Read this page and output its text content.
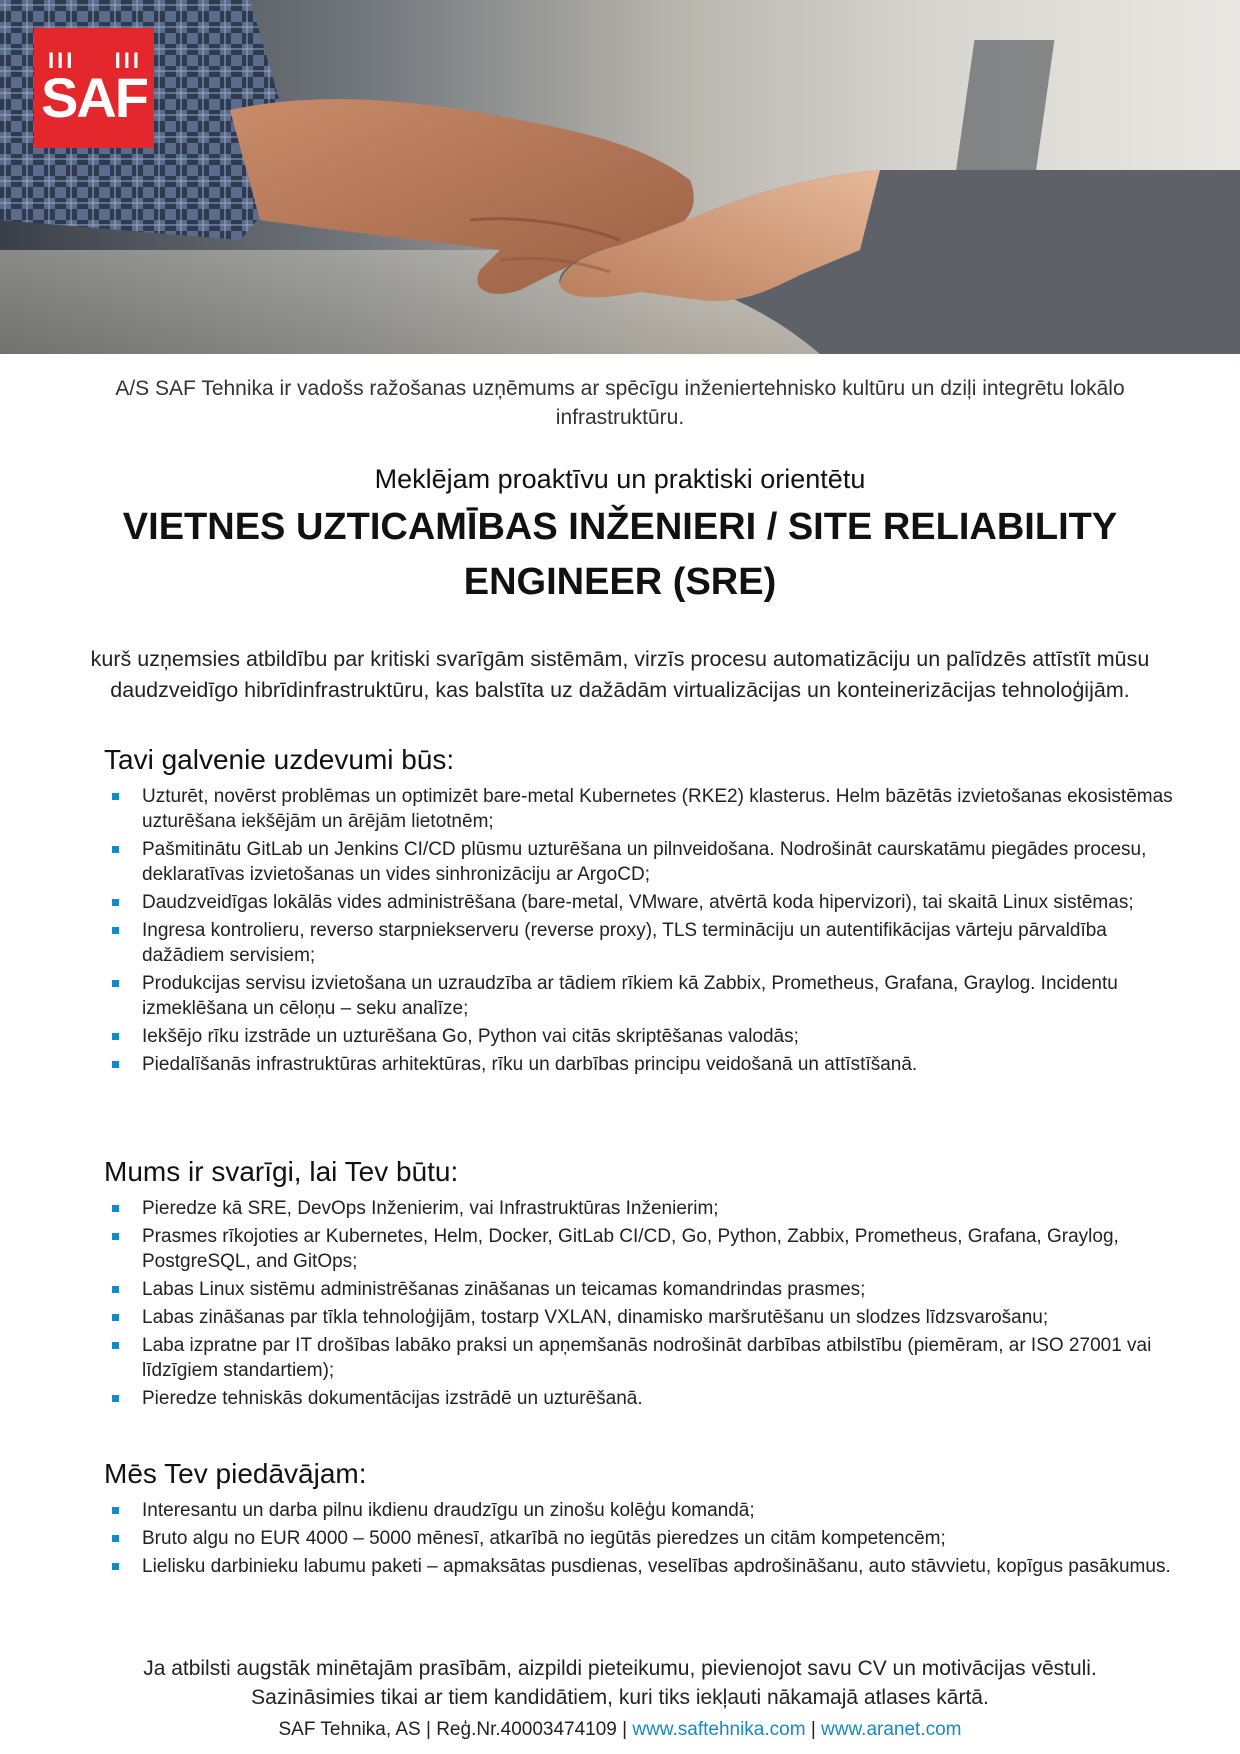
III III
SAF

A/S SAF Tehnika ir vadošs ražošanas uzņēmums ar spēcīgu inženiertehnisko kultūru un dziļi integrētu lokālo infrastruktūru.

Meklējam proaktīvu un praktiski orientētu

VIETNES UZTICAMĪBAS INŽENIERI / SITE RELIABILITY ENGINEER (SRE)

kurš uzņemsies atbildību par kritiski svarīgām sistēmām, virzīs procesu automatizāciju un palīdzēs attīstīt mūsu daudzveidīgo hibrīdinfrastruktūru, kas balstīta uz dažādām virtualizācijas un konteinerizācijas tehnoloģijām.

Tavi galvenie uzdevumi būs:
Uzturēt, novērst problēmas un optimizēt bare-metal Kubernetes (RKE2) klasterus. Helm bāzētās izvietošanas ekosistēmas uzturēšana iekšējām un ārējām lietotnēm;
Pašmitinātu GitLab un Jenkins CI/CD plūsmu uzturēšana un pilnveidošana. Nodrošināt caurskatāmu piegādes procesu, deklaratīvas izvietošanas un vides sinhronizāciju ar ArgoCD;
Daudzveidīgas lokālās vides administrēšana (bare-metal, VMware, atvērtā koda hipervizori), tai skaitā Linux sistēmas;
Ingresa kontrolieru, reverso starpniekserveru (reverse proxy), TLS termināciju un autentifikācijas vārteju pārvaldība dažādiem servisiem;
Produkcijas servisu izvietošana un uzraudzība ar tādiem rīkiem kā Zabbix, Prometheus, Grafana, Graylog. Incidentu izmeklēšana un cēloņu – seku analīze;
Iekšējo rīku izstrāde un uzturēšana Go, Python vai citās skriptēšanas valodās;
Piedalīšanās infrastruktūras arhitektūras, rīku un darbības principu veidošanā un attīstīšanā.
Mums ir svarīgi, lai Tev būtu:
Pieredze kā SRE, DevOps Inženierim, vai Infrastruktūras Inženierim;
Prasmes rīkojoties ar Kubernetes, Helm, Docker, GitLab CI/CD, Go, Python, Zabbix, Prometheus, Grafana, Graylog, PostgreSQL, and GitOps;
Labas Linux sistēmu administrēšanas zināšanas un teicamas komandrindas prasmes;
Labas zināšanas par tīkla tehnoloģijām, tostarp VXLAN, dinamisko maršrutēšanu un slodzes līdzsvarošanu;
Laba izpratne par IT drošības labāko praksi un apņemšanās nodrošināt darbības atbilstību (piemēram, ar ISO 27001 vai līdzīgiem standartiem);
Pieredze tehniskās dokumentācijas izstrādē un uzturēšanā.
Mēs Tev piedāvājam:
Interesantu un darba pilnu ikdienu draudzīgu un zinošu kolēģu komandā;
Bruto algu no EUR 4000 – 5000 mēnesī, atkarībā no iegūtās pieredzes un citām kompetencēm;
Lielisku darbinieku labumu paketi – apmaksātas pusdienas, veselības apdrošināšanu, auto stāvvietu, kopīgus pasākumus.
Ja atbilsti augstāk minētajām prasībām, aizpildi pieteikumu, pievienojot savu CV un motivācijas vēstuli.
Sazināsimies tikai ar tiem kandidātiem, kuri tiks iekļauti nākamajā atlases kārtā.
SAF Tehnika, AS | Reģ.Nr.40003474109 | www.saftehnika.com | www.aranet.com
